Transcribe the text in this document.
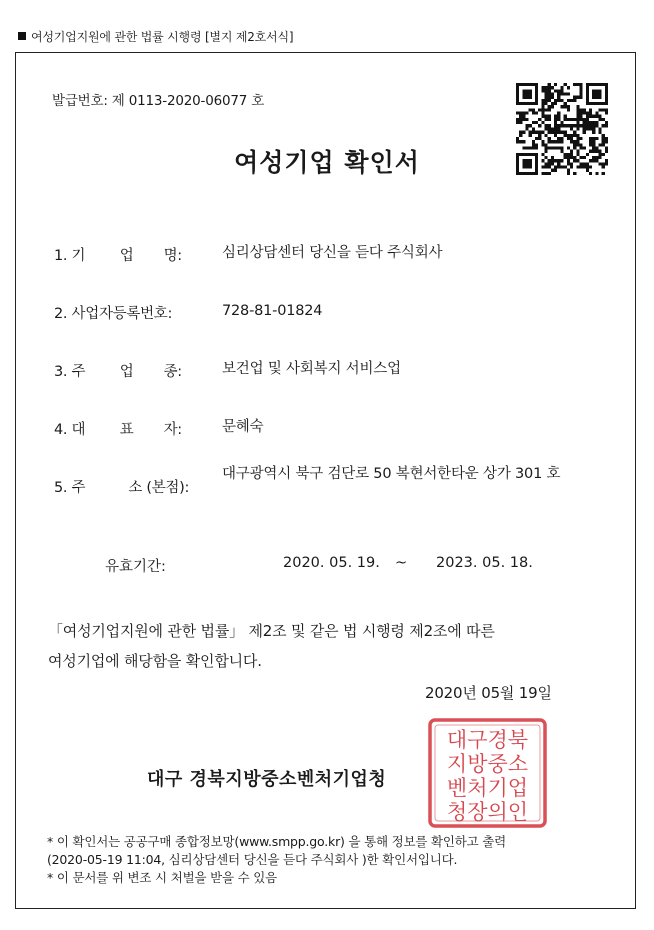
여성기업지원에 관한 법률 시행령 [별지 제2호서식]
발급번호: 제 0113-2020-06077 호
여성기업 확인서
1. 기        업       명:	심리상담센터 당신을 듣다 주식회사
2. 사업자등록번호:	728-81-01824
3. 주        업       종:	보건업 및 사회복지 서비스업
4. 대        표       자:	문혜숙
5. 주          소 (본점):
대구광역시 북구 검단로 50 복현서한타운 상가 301 호
유효기간:	2020. 05. 19. ~ 2023. 05. 18.
「여성기업지원에 관한 법률」 제2조 및 같은 법 시행령 제2조에 따른
여성기업에 해당함을 확인합니다.
2020년 05월 19일
대구 경북지방중소벤처기업청
대구경북
지방중소
벤처기업
청장의인
* 이 확인서는 공공구매 종합정보망(www.smpp.go.kr) 을 통해 정보를 확인하고 출력
(2020-05-19 11:04, 심리상담센터 당신을 듣다 주식회사 )한 확인서입니다.
* 이 문서를 위 변조 시 처벌을 받을 수 있음
